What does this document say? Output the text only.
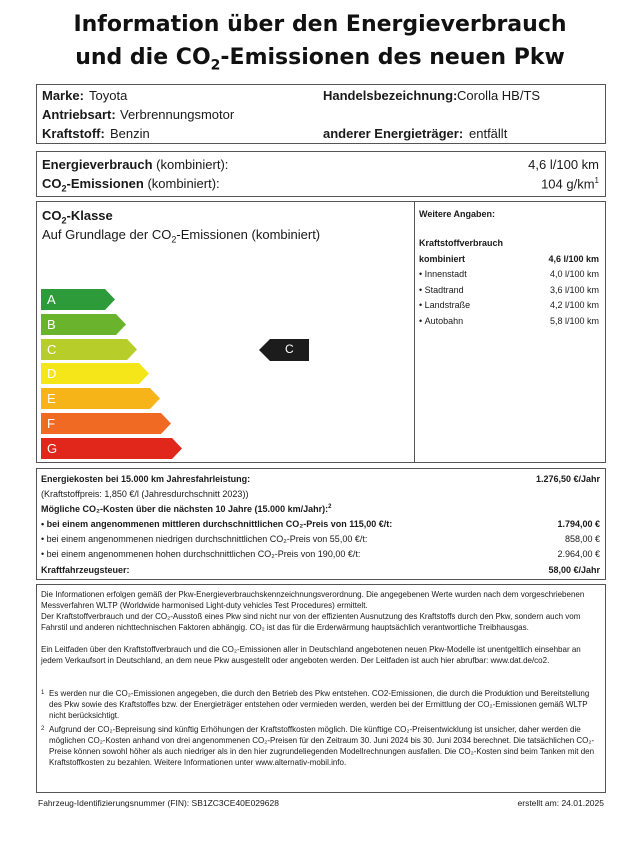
Information über den Energieverbrauch
und die $CO_2$-Emissionen des neuen Pkw
Marke: Toyota	Handelsbezeichnung: Corolla HB/TS
Antriebsart: Verbrennungsmotor
Kraftstoff: Benzin	anderer Energieträger: entfällt
Energieverbrauch (kombiniert):	4,6 l/100 km
$CO_2$-Emissionen (kombiniert):	104 $g/km^1$
$CO_2$-Klasse
Auf Grundlage der $CO_2$-Emissionen (kombiniert)
A
B
C
D
E
F
G
C
Weitere Angaben:
Kraftstoffverbrauch
kombiniert	4,6 l/100 km
• Innenstadt	4,0 l/100 km
• Stadtrand	3,6 l/100 km
• Landstraße	4,2 l/100 km
• Autobahn	5,8 l/100 km
Energiekosten bei 15.000 km Jahresfahrleistung:	1.276,50 €/Jahr
(Kraftstoffpreis: 1,850 €/l (Jahresdurchschnitt 2023))
Mögliche CO₂-Kosten über die nächsten 10 Jahre (15.000 km/Jahr):$^2$
• bei einem angenommenen mittleren durchschnittlichen CO₂-Preis von 115,00 €/t:	1.794,00 €
• bei einem angenommenen niedrigen durchschnittlichen CO₂-Preis von 55,00 €/t:	858,00 €
• bei einem angenommenen hohen durchschnittlichen CO₂-Preis von 190,00 €/t:	2.964,00 €
Kraftfahrzeugsteuer:	58,00 €/Jahr
Die Informationen erfolgen gemäß der Pkw-Energieverbrauchskennzeichnungsverordnung. Die angegebenen Werte wurden nach dem vorgeschriebenen Messverfahren WLTP (Worldwide harmonised Light-duty vehicles Test Procedures) ermittelt.
Der Kraftstoffverbrauch und der CO₂-Ausstoß eines Pkw sind nicht nur von der effizienten Ausnutzung des Kraftstoffs durch den Pkw, sondern auch vom Fahrstil und anderen nichttechnischen Faktoren abhängig. CO₂ ist das für die Erderwärmung hauptsächlich verantwortliche Treibhausgas.
Ein Leitfaden über den Kraftstoffverbrauch und die CO₂-Emissionen aller in Deutschland angebotenen neuen Pkw-Modelle ist unentgeltlich einsehbar an jedem Verkaufsort in Deutschland, an dem neue Pkw ausgestellt oder angeboten werden. Der Leitfaden ist auch hier abrufbar: www.dat.de/co2.
1 Es werden nur die CO₂-Emissionen angegeben, die durch den Betrieb des Pkw entstehen. CO2-Emissionen, die durch die Produktion und Bereitstellung des Pkw sowie des Kraftstoffes bzw. der Energieträger entstehen oder vermieden werden, werden bei der Ermittlung der CO₂-Emissionen gemäß WLTP nicht berücksichtigt.
2 Aufgrund der CO₂-Bepreisung sind künftig Erhöhungen der Kraftstoffkosten möglich. Die künftige CO₂-Preisentwicklung ist unsicher, daher werden die möglichen CO₂-Kosten anhand von drei angenommenen CO₂-Preisen für den Zeitraum 30. Juni 2024 bis 30. Juni 2034 berechnet. Die tatsächlichen CO₂-Preise können sowohl höher als auch niedriger als in den hier zugrundeliegenden Modellrechnungen ausfallen. Die CO₂-Kosten sind beim Tanken mit den Kraftstoffkosten zu bezahlen. Weitere Informationen unter www.alternativ-mobil.info.
Fahrzeug-Identifizierungsnummer (FIN): SB1ZC3CE40E029628	erstellt am: 24.01.2025
